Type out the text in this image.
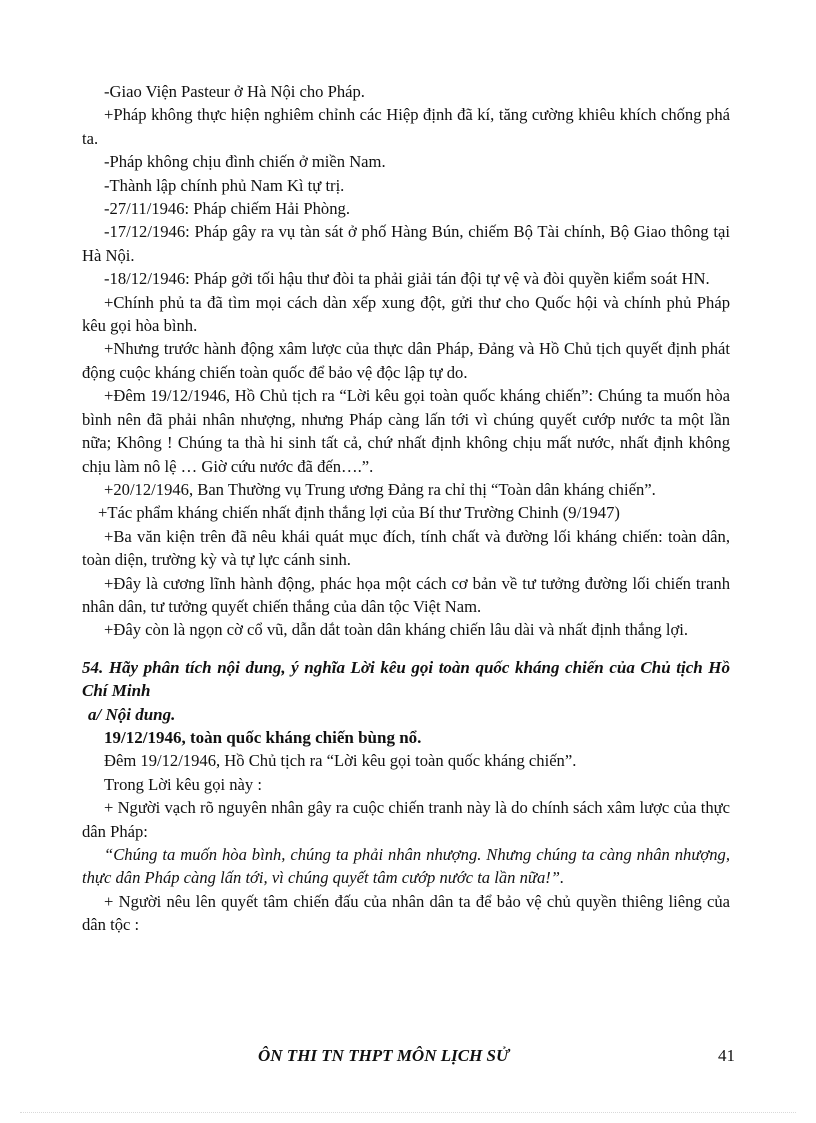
-Giao Viện Pasteur ở Hà Nội cho Pháp.

+Pháp không thực hiện nghiêm chỉnh các Hiệp định đã kí, tăng cường khiêu khích chống phá ta.

-Pháp không chịu đình chiến ở miền Nam.

-Thành lập chính phủ Nam Kì tự trị.

-27/11/1946: Pháp chiếm Hải Phòng.

-17/12/1946: Pháp gây ra vụ tàn sát ở phố Hàng Bún, chiếm Bộ Tài chính, Bộ Giao thông tại Hà Nội.

-18/12/1946: Pháp gởi tối hậu thư đòi ta phải giải tán đội tự vệ và đòi quyền kiểm soát HN.

+Chính phủ ta đã tìm mọi cách dàn xếp xung đột, gửi thư cho Quốc hội và chính phủ Pháp kêu gọi hòa bình.

+Nhưng trước hành động xâm lược của thực dân Pháp, Đảng và Hồ Chủ tịch quyết định phát động cuộc kháng chiến toàn quốc để bảo vệ độc lập tự do.

+Đêm 19/12/1946, Hồ Chủ tịch ra “Lời kêu gọi toàn quốc kháng chiến”: Chúng ta muốn hòa bình nên đã phải nhân nhượng, nhưng Pháp càng lấn tới vì chúng quyết cướp nước ta một lần nữa; Không ! Chúng ta thà hi sinh tất cả, chứ nhất định không chịu mất nước, nhất định không chịu làm nô lệ … Giờ cứu nước đã đến….”.

+20/12/1946, Ban Thường vụ Trung ương Đảng ra chỉ thị “Toàn dân kháng chiến”.

+Tác phẩm kháng chiến nhất định thắng lợi của Bí thư Trường Chinh (9/1947)

+Ba văn kiện trên đã nêu khái quát mục đích, tính chất và đường lối kháng chiến: toàn dân, toàn diện, trường kỳ và tự lực cánh sinh.

+Đây là cương lĩnh hành động, phác họa một cách cơ bản về tư tưởng đường lối chiến tranh nhân dân, tư tưởng quyết chiến thắng của dân tộc Việt Nam.

+Đây còn là ngọn cờ cổ vũ, dẫn dắt toàn dân kháng chiến lâu dài và nhất định thắng lợi.

54. Hãy phân tích nội dung, ý nghĩa Lời kêu gọi toàn quốc kháng chiến của Chủ tịch Hồ Chí Minh

a/ Nội dung.

19/12/1946, toàn quốc kháng chiến bùng nổ.

Đêm 19/12/1946, Hồ Chủ tịch ra “Lời kêu gọi toàn quốc kháng chiến”.

Trong Lời kêu gọi này :

+ Người vạch rõ nguyên nhân gây ra cuộc chiến tranh này là do chính sách xâm lược của thực dân Pháp:

“Chúng ta muốn hòa bình, chúng ta phải nhân nhượng. Nhưng chúng ta càng nhân nhượng, thực dân Pháp càng lấn tới, vì chúng quyết tâm cướp nước ta lần nữa!”.

+ Người nêu lên quyết tâm chiến đấu của nhân dân ta để bảo vệ chủ quyền thiêng liêng của dân tộc :

ÔN THI TN THPT MÔN LỊCH SỬ	41
